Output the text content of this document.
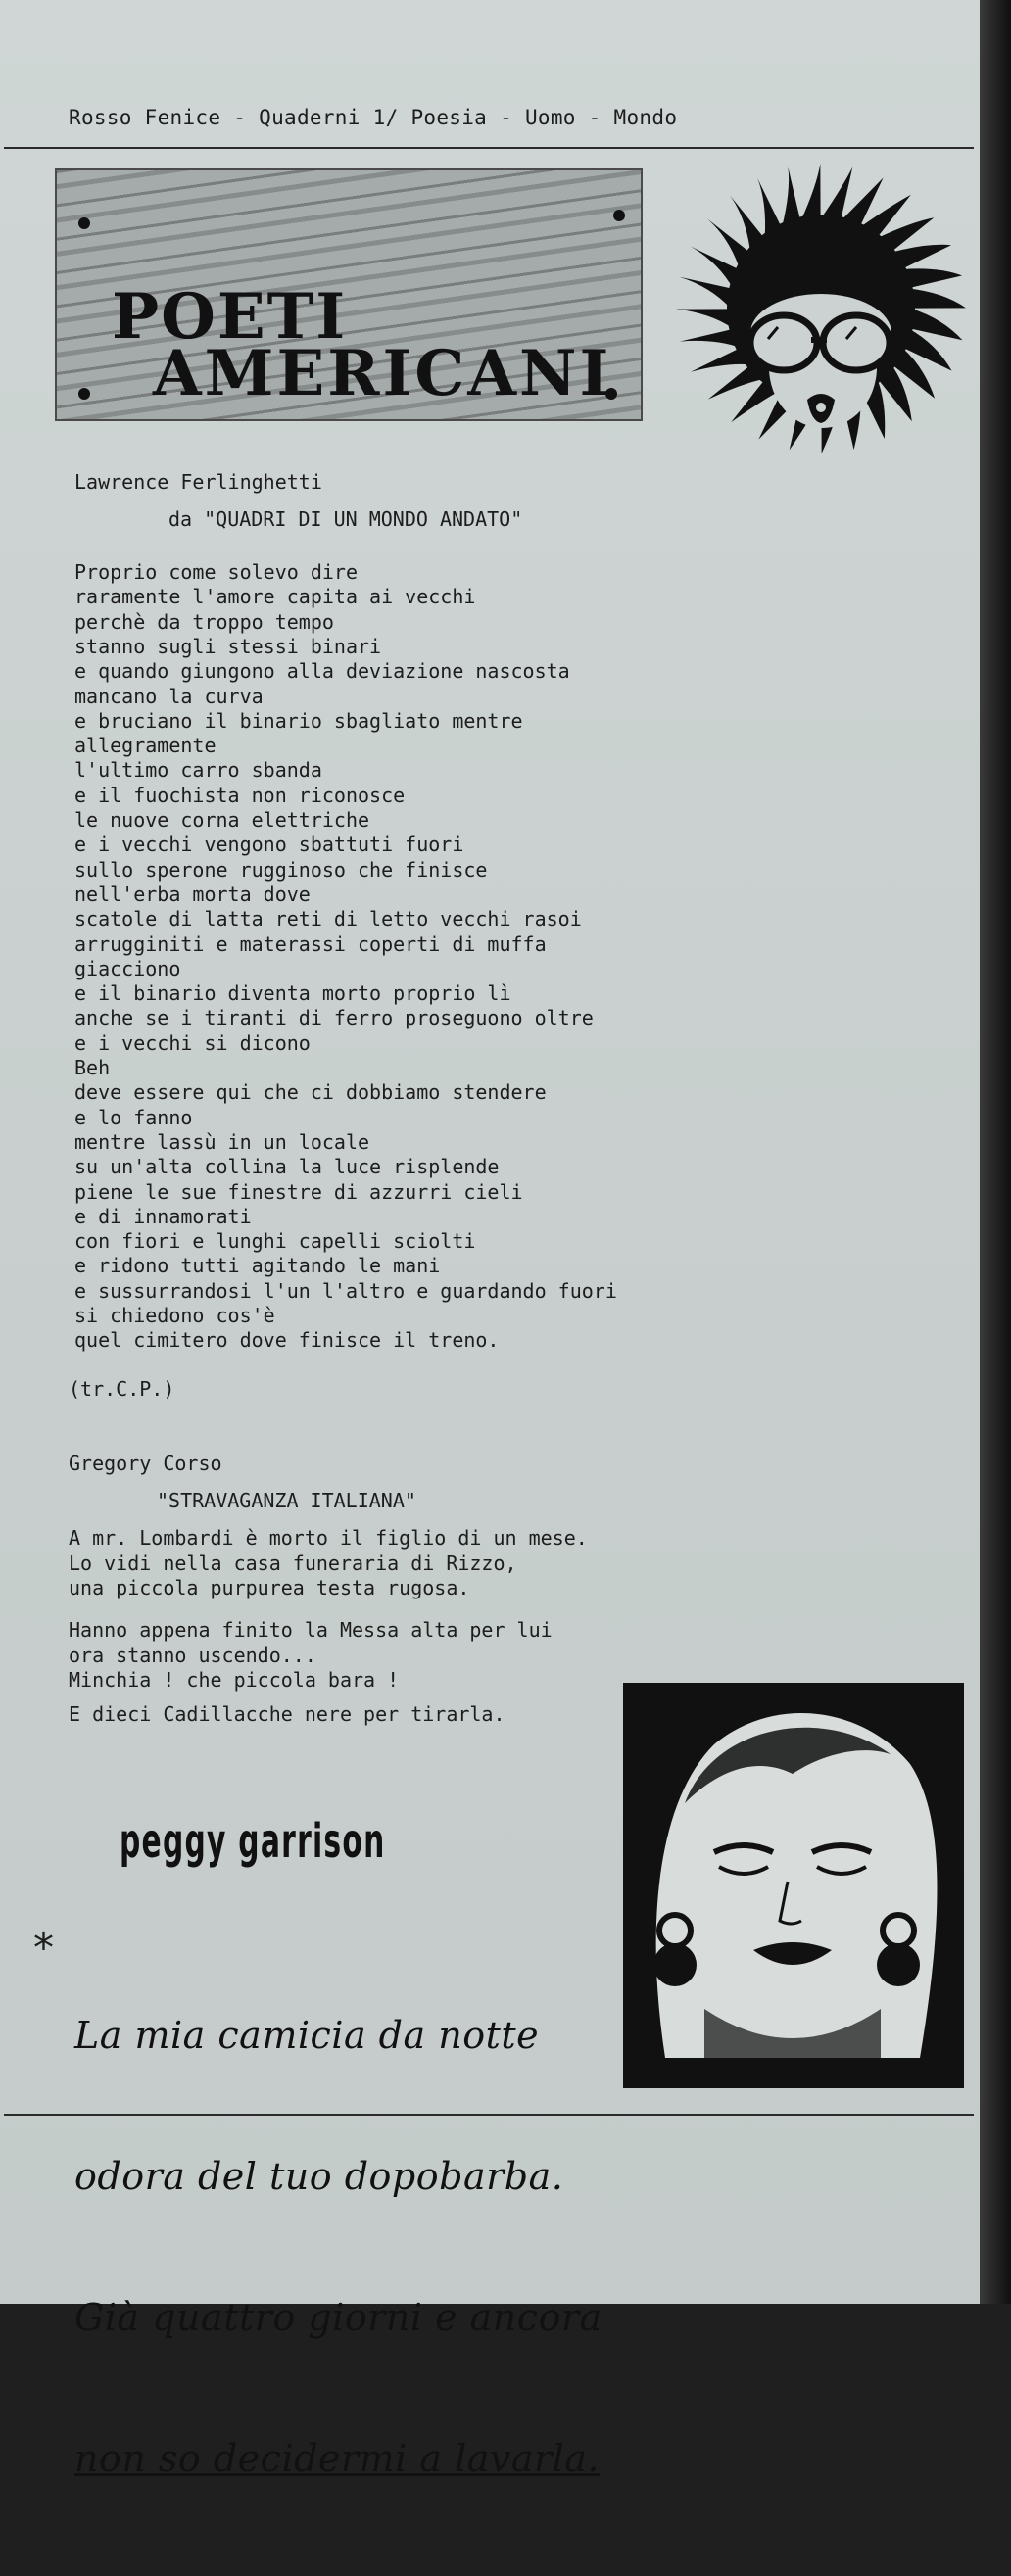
Rosso Fenice - Quaderni 1/ Poesia - Uomo - Mondo
POETI
AMERICANI
Lawrence Ferlinghetti
da "QUADRI DI UN MONDO ANDATO"
Proprio come solevo dire
raramente l'amore capita ai vecchi
perchè da troppo tempo
stanno sugli stessi binari
e quando giungono alla deviazione nascosta
mancano la curva
e bruciano il binario sbagliato mentre
allegramente
l'ultimo carro sbanda
e il fuochista non riconosce
le nuove corna elettriche
e i vecchi vengono sbattuti fuori
sullo sperone rugginoso che finisce
nell'erba morta dove
scatole di latta reti di letto vecchi rasoi
arrugginiti e materassi coperti di muffa
giacciono
e il binario diventa morto proprio lì
anche se i tiranti di ferro proseguono oltre
e i vecchi si dicono
Beh
deve essere qui che ci dobbiamo stendere
e lo fanno
mentre lassù in un locale
su un'alta collina la luce risplende
piene le sue finestre di azzurri cieli
e di innamorati
con fiori e lunghi capelli sciolti
e ridono tutti agitando le mani
e sussurrandosi l'un l'altro e guardando fuori
si chiedono cos'è
quel cimitero dove finisce il treno.
(tr.C.P.)
Gregory Corso
"STRAVAGANZA ITALIANA"
A mr. Lombardi è morto il figlio di un mese.
Lo vidi nella casa funeraria di Rizzo,
una piccola purpurea testa rugosa.
Hanno appena finito la Messa alta per lui
ora stanno uscendo...
Minchia ! che piccola bara !
E dieci Cadillacche nere per tirarla.
peggy garrison
*

La mia camicia da notte

odora del tuo dopobarba.

Già quattro giorni e ancora

non so decidermi a lavarla.
